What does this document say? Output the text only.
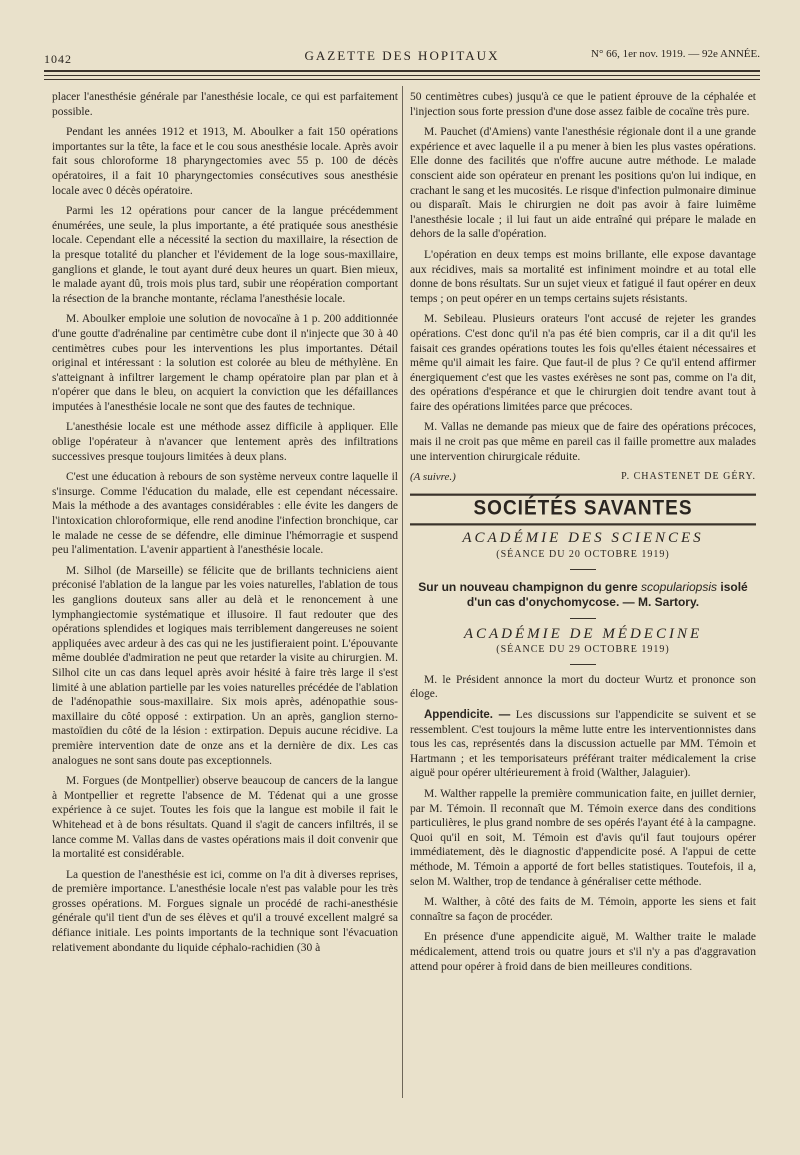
1042	GAZETTE DES HOPITAUX	N° 66, 1er nov. 1919. — 92e ANNÉE.

placer l'anesthésie générale par l'anesthésie locale, ce qui est parfaitement possible.

Pendant les années 1912 et 1913, M. Aboulker a fait 150 opérations importantes sur la tête, la face et le cou sous anesthésie locale. Après avoir fait sous chloroforme 18 pharyngectomies avec 55 p. 100 de décès opératoires, il a fait 10 pharyngectomies consécutives sous anesthésie locale avec 0 décès opératoire.

Parmi les 12 opérations pour cancer de la langue précédemment énumérées, une seule, la plus importante, a été pratiquée sous anesthésie locale. Cependant elle a nécessité la section du maxillaire, la résection de la presque totalité du plancher et l'évidement de la loge sous-maxillaire, ganglions et glande, le tout ayant duré deux heures un quart. Bien mieux, le malade ayant dû, trois mois plus tard, subir une réopération comportant la résection de la branche montante, réclama l'anesthésie locale.

M. Aboulker emploie une solution de novocaïne à 1 p. 200 additionnée d'une goutte d'adrénaline par centimètre cube dont il n'injecte que 30 à 40 centimètres cubes pour les interventions les plus importantes. Détail original et intéressant : la solution est colorée au bleu de méthylène. En s'atteignant à infiltrer largement le champ opératoire plan par plan et à n'opérer que dans le bleu, on acquiert la conviction que les défaillances imputées à l'anesthésie locale ne sont que des fautes de technique.

L'anesthésie locale est une méthode assez difficile à appliquer. Elle oblige l'opérateur à n'avancer que lentement après des infiltrations successives presque toujours limitées à deux plans.

C'est une éducation à rebours de son système nerveux contre laquelle il s'insurge. Comme l'éducation du malade, elle est cependant nécessaire. Mais la méthode a des avantages considérables : elle évite les dangers de l'intoxication chloroformique, elle rend anodine l'infection bronchique, car le malade ne cesse de se défendre, elle diminue l'hémorragie et suspend peu l'alimentation. L'avenir appartient à l'anesthésie locale.

M. Silhol (de Marseille) se félicite que de brillants techniciens aient préconisé l'ablation de la langue par les voies naturelles, l'ablation de tous les ganglions douteux sans aller au delà et le renoncement à une lymphangiectomie systématique et illusoire. Il faut redouter que des opérations splendides et logiques mais terriblement dangereuses ne soient appliquées avec ardeur à des cas qui ne les justifieraient point. L'épouvante même doublée d'admiration ne peut que retarder la visite au chirurgien. M. Silhol cite un cas dans lequel après avoir hésité à faire très large il s'est limité à une ablation partielle par les voies naturelles précédée de l'ablation de l'adénopathie sous-maxillaire. Six mois après, adénopathie sous-maxillaire du côté opposé : extirpation. Un an après, ganglion sterno-mastoïdien du côté de la lésion : extirpation. Depuis aucune récidive. La première intervention date de onze ans et la dernière de dix. Les cas analogues ne sont sans doute pas exceptionnels.

M. Forgues (de Montpellier) observe beaucoup de cancers de la langue à Montpellier et regrette l'absence de M. Tédenat qui a une grosse expérience à ce sujet. Toutes les fois que la langue est mobile il fait le Whitehead et à de bons résultats. Quand il s'agit de cancers infiltrés, il se lance comme M. Vallas dans de vastes opérations mais il doit convenir que la mortalité est considérable.

La question de l'anesthésie est ici, comme on l'a dit à diverses reprises, de première importance. L'anesthésie locale n'est pas valable pour les très grosses opérations. M. Forgues signale un procédé de rachi-anesthésie générale qu'il tient d'un de ses élèves et qu'il a trouvé excellent malgré sa défiance initiale. Les points importants de la technique sont l'évacuation relativement abondante du liquide céphalo-rachidien (30 à

50 centimètres cubes) jusqu'à ce que le patient éprouve de la céphalée et l'injection sous forte pression d'une dose assez faible de cocaïne très pure.

M. Pauchet (d'Amiens) vante l'anesthésie régionale dont il a une grande expérience et avec laquelle il a pu mener à bien les plus vastes opérations. Elle donne des facilités que n'offre aucune autre méthode. Le malade conscient aide son opérateur en prenant les positions qu'on lui indique, en crachant le sang et les mucosités. Le risque d'infection pulmonaire diminue ou disparaît. Mais le chirurgien ne doit pas avoir à faire luimême l'anesthésie locale ; il lui faut un aide entraîné qui prépare le malade en dehors de la salle d'opération.

L'opération en deux temps est moins brillante, elle expose davantage aux récidives, mais sa mortalité est infiniment moindre et au total elle donne de bons résultats. Sur un sujet vieux et fatigué il faut opérer en deux temps ; on peut opérer en un temps certains sujets résistants.

M. Sebileau. Plusieurs orateurs l'ont accusé de rejeter les grandes opérations. C'est donc qu'il n'a pas été bien compris, car il a dit qu'il les faisait ces grandes opérations toutes les fois qu'elles étaient nécessaires et même qu'il aimait les faire. Que faut-il de plus ? Ce qu'il entend affirmer énergiquement c'est que les vastes exérèses ne sont pas, comme on l'a dit, des opérations d'espérance et que le chirurgien doit tendre avant tout à faire des opérations limitées parce que précoces.

M. Vallas ne demande pas mieux que de faire des opérations précoces, mais il ne croit pas que même en pareil cas il faille promettre aux malades une intervention chirurgicale réduite.

(A suivre.)	P. CHASTENET DE GÉRY.
SOCIÉTÉS SAVANTES
ACADÉMIE DES SCIENCES
(SÉANCE DU 20 OCTOBRE 1919)
Sur un nouveau champignon du genre scopulariopsis isolé d'un cas d'onychomycose. — M. Sartory.
ACADÉMIE DE MÉDECINE
(SÉANCE DU 29 OCTOBRE 1919)

M. le Président annonce la mort du docteur Wurtz et prononce son éloge.

Appendicite. — Les discussions sur l'appendicite se suivent et se ressemblent. C'est toujours la même lutte entre les interventionnistes dans tous les cas, représentés dans la discussion actuelle par MM. Témoin et Hartmann ; et les temporisateurs préférant traiter médicalement la crise aiguë pour opérer ultérieurement à froid (Walther, Jalaguier).

M. Walther rappelle la première communication faite, en juillet dernier, par M. Témoin. Il reconnaît que M. Témoin exerce dans des conditions particulières, le plus grand nombre de ses opérés l'ayant été à la campagne. Quoi qu'il en soit, M. Témoin est d'avis qu'il faut toujours opérer immédiatement, dès le diagnostic d'appendicite posé. A l'appui de cette méthode, M. Témoin a apporté de fort belles statistiques. Toutefois, il a, selon M. Walther, trop de tendance à généraliser cette méthode.

M. Walther, à côté des faits de M. Témoin, apporte les siens et fait connaître sa façon de procéder.

En présence d'une appendicite aiguë, M. Walther traite le malade médicalement, attend trois ou quatre jours et s'il n'y a pas d'aggravation attend pour opérer à froid dans de bien meilleures conditions.
